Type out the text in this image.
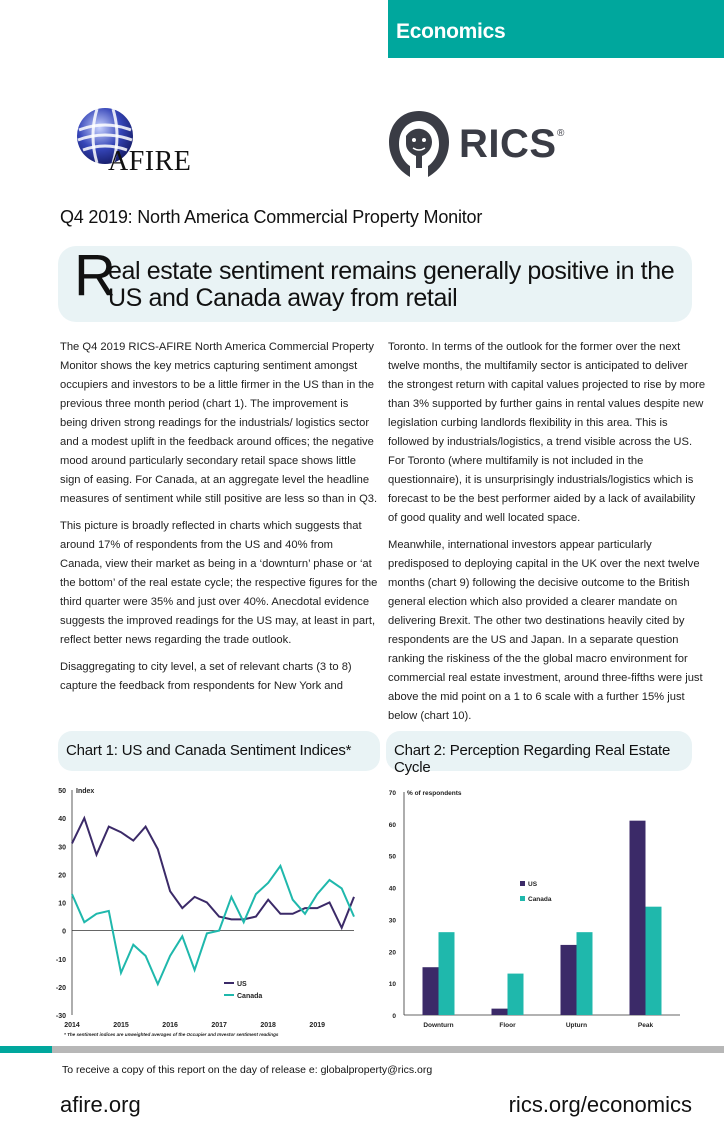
Economics
AFIRE	RICS ®
Q4 2019: North America Commercial Property Monitor
R
eal estate sentiment remains generally positive in the US and Canada away from retail

The Q4 2019 RICS-AFIRE North America Commercial Property Monitor shows the key metrics capturing sentiment amongst occupiers and investors to be a little firmer in the US than in the previous three month period (chart 1). The improvement is being driven strong readings for the industrials/ logistics sector and a modest uplift in the feedback around offices; the negative mood around particularly secondary retail space shows little sign of easing. For Canada, at an aggregate level the headline measures of sentiment while still positive are less so than in Q3.

This picture is broadly reflected in charts which suggests that around 17% of respondents from the US and 40% from Canada, view their market as being in a ‘downturn’ phase or ‘at the bottom’ of the real estate cycle; the respective figures for the third quarter were 35% and just over 40%. Anecdotal evidence suggests the improved readings for the US may, at least in part, reflect better news regarding the trade outlook.

Disaggregating to city level, a set of relevant charts (3 to 8) capture the feedback from respondents for New York and

Toronto. In terms of the outlook for the former over the next twelve months, the multifamily sector is anticipated to deliver the strongest return with capital values projected to rise by more than 3% supported by further gains in rental values despite new legislation curbing landlords flexibility in this area. This is followed by industrials/logistics, a trend visible across the US. For Toronto (where multifamily is not included in the questionnaire), it is unsurprisingly industrials/logistics which is forecast to be the best performer aided by a lack of availability of good quality and well located space.

Meanwhile, international investors appear particularly predisposed to deploying capital in the UK over the next twelve months (chart 9) following the decisive outcome to the British general election which also provided a clearer mandate on delivering Brexit. The other two destinations heavily cited by respondents are the US and Japan. In a separate question ranking the riskiness of the the global macro environment for commercial real estate investment, around three-fifths were just above the mid point on a 1 to 6 scale with a further 15% just below (chart 10).

Chart 1: US and Canada Sentiment Indices*	Chart 2: Perception Regarding Real Estate Cycle
-30
-20
-10
0
10
20
30
40
50 Index
2014	2015	2016	2017	2018	2019
US
Canada
* The sentiment indices are unweighted averages of the Occupier and Investor sentiment readings
0
10
20
30
40
50
60
70 % of respondents
Downturn	Floor	Upturn	Peak
US
Canada
To receive a copy of this report on the day of release e: globalproperty@rics.org
afire.org	rics.org/economics
